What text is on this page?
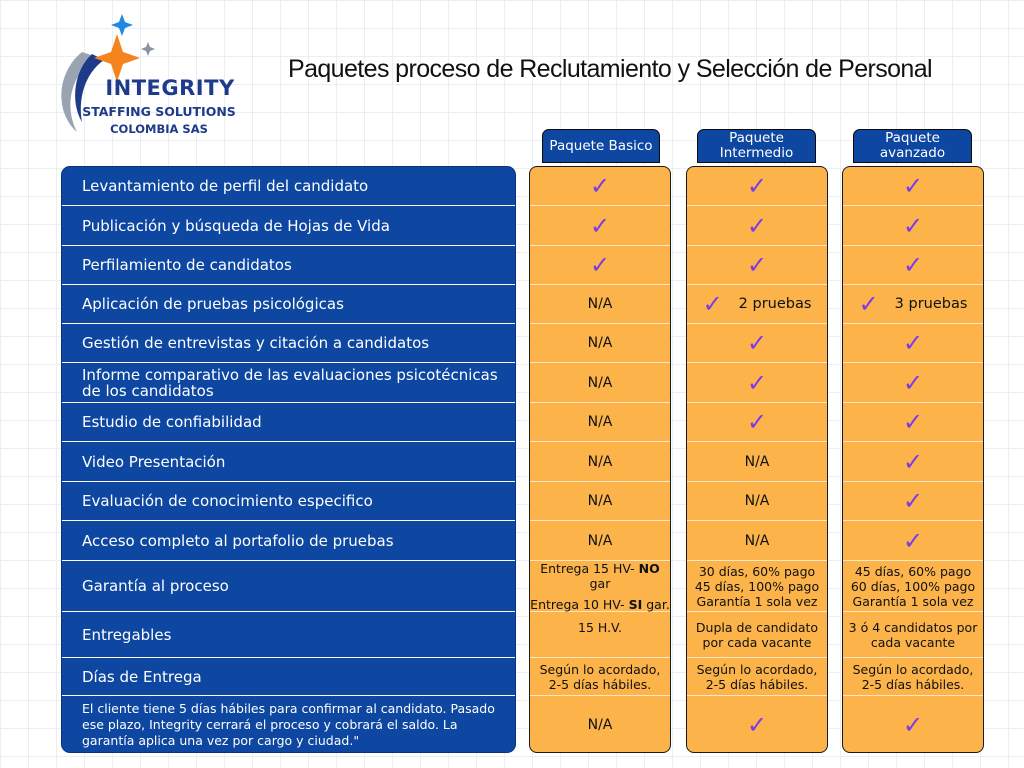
INTEGRITY
STAFFING SOLUTIONS
COLOMBIA SAS
Paquetes proceso de Reclutamiento y Selección de Personal
Paquete Basico	Paquete Intermedio
Paquete avanzado
Levantamiento de perfil del candidato
Publicación y búsqueda de Hojas de Vida
Perfilamiento de candidatos
Aplicación de pruebas psicológicas
Gestión de entrevistas y citación a candidatos
Informe comparativo de las evaluaciones psicotécnicas de los candidatos
Estudio de confiabilidad
Video Presentación
Evaluación de conocimiento especifico
Acceso completo al portafolio de pruebas
Garantía al proceso
Entregables
Días de Entrega
El cliente tiene 5 días hábiles para confirmar al candidato. Pasado ese plazo, Integrity cerrará el proceso y cobrará el saldo. La garantía aplica una vez por cargo y ciudad."
✓
✓
✓
N/A
N/A
N/A
N/A
N/A
N/A
N/A
Entrega 15 HV- NO gar
Entrega 10 HV- SI gar.
15 H.V.
Según lo acordado,
2-5 días hábiles.
N/A
✓
✓
✓
✓ 2 pruebas
✓
✓
✓
N/A
N/A
N/A
30 días, 60% pago
45 días, 100% pago
Garantía 1 sola vez
Dupla de candidato
por cada vacante
Según lo acordado,
2-5 días hábiles.
✓
✓
✓
✓
✓ 3 pruebas
✓
✓
✓
✓
✓
✓
45 días, 60% pago
60 días, 100% pago
Garantía 1 sola vez
3 ó 4 candidatos por
cada vacante
Según lo acordado,
2-5 días hábiles.
✓
